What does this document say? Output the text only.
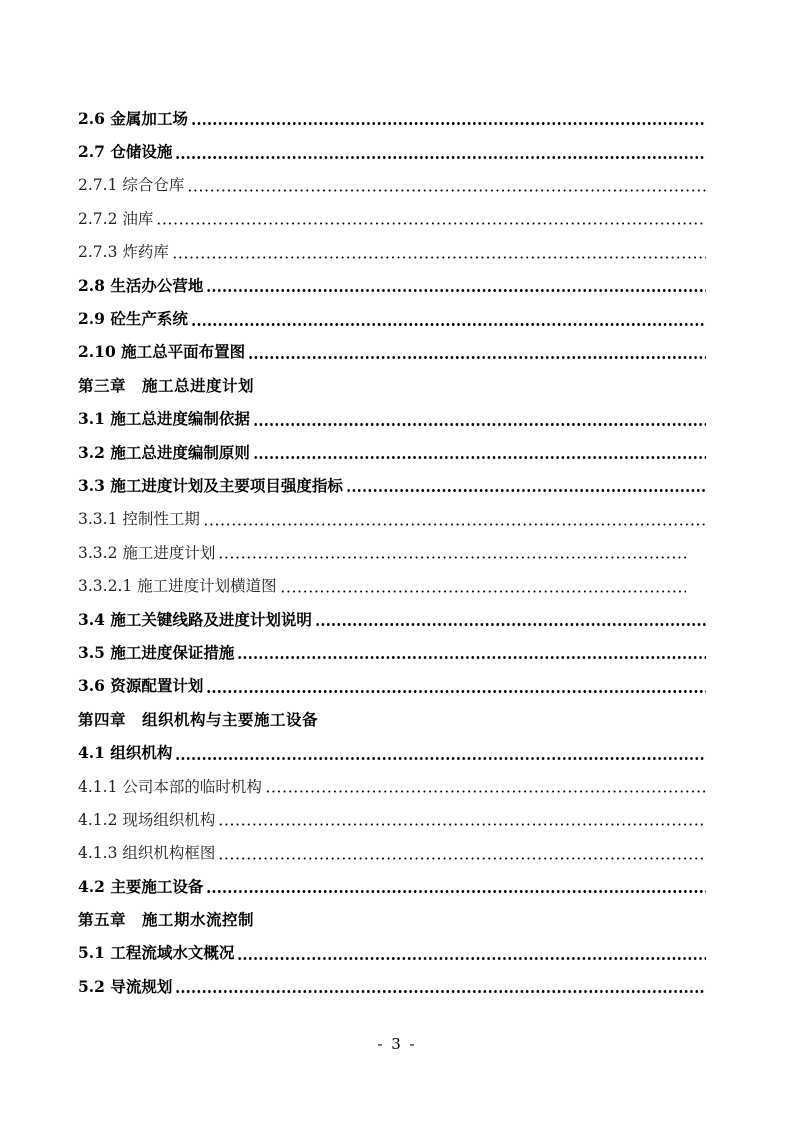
2.6 金属加工场
2.7 仓储设施
2.7.1 综合仓库
2.7.2 油库
2.7.3 炸药库
2.8 生活办公营地
2.9 砼生产系统
2.10 施工总平面布置图
第三章　施工总进度计划
3.1 施工总进度编制依据
3.2 施工总进度编制原则
3.3 施工进度计划及主要项目强度指标
3.3.1 控制性工期
3.3.2 施工进度计划
3.3.2.1 施工进度计划横道图
3.4 施工关键线路及进度计划说明
3.5 施工进度保证措施
3.6 资源配置计划
第四章　组织机构与主要施工设备
4.1 组织机构
4.1.1 公司本部的临时机构
4.1.2 现场组织机构
4.1.3 组织机构框图
4.2 主要施工设备
第五章　施工期水流控制
5.1 工程流域水文概况
5.2 导流规划
- 3 -
